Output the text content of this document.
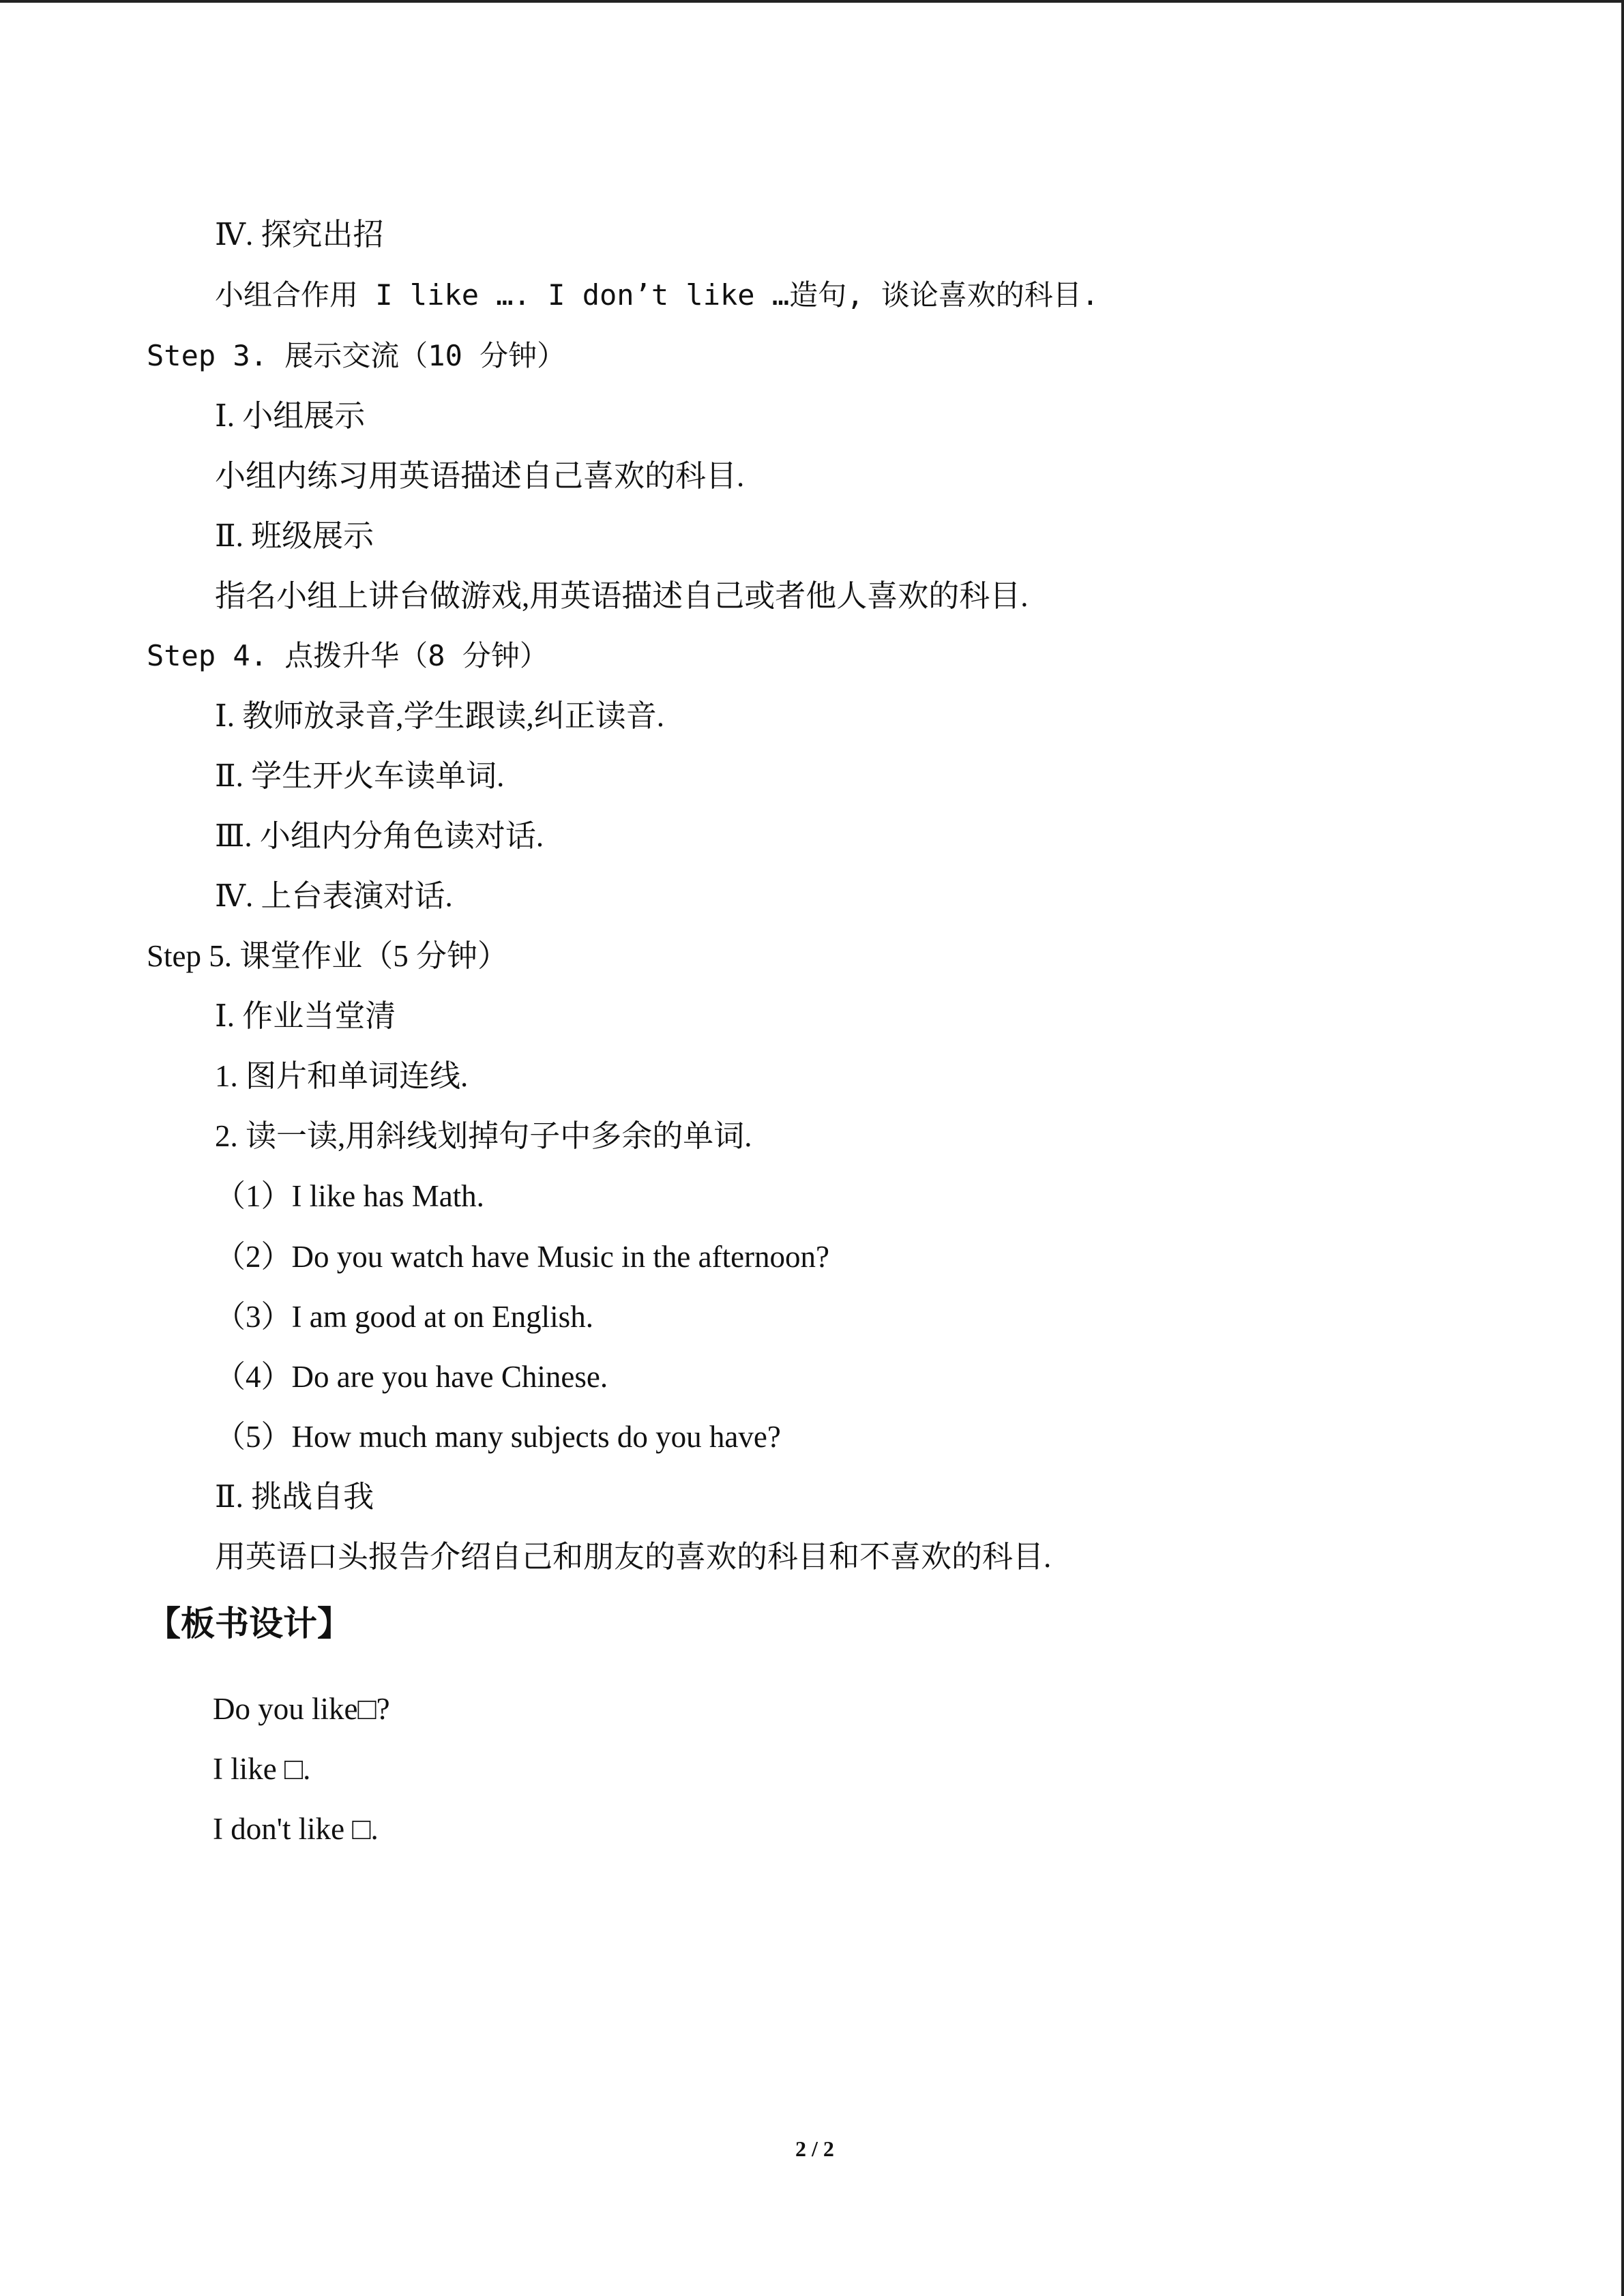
Ⅳ. 探究出招
小组合作用 I like …. I don’t like …造句, 谈论喜欢的科目.
Step 3. 展示交流（10 分钟）
Ⅰ. 小组展示
小组内练习用英语描述自己喜欢的科目.
Ⅱ. 班级展示
指名小组上讲台做游戏,用英语描述自己或者他人喜欢的科目.
Step 4. 点拨升华（8 分钟）
Ⅰ. 教师放录音,学生跟读,纠正读音.
Ⅱ. 学生开火车读单词.
Ⅲ. 小组内分角色读对话.
Ⅳ. 上台表演对话.
Step 5. 课堂作业（5 分钟）
Ⅰ. 作业当堂清
1. 图片和单词连线.
2. 读一读,用斜线划掉句子中多余的单词.
（1）I like has Math.
（2）Do you watch have Music in the afternoon?
（3）I am good at on English.
（4）Do are you have Chinese.
（5）How much many subjects do you have?
Ⅱ. 挑战自我
用英语口头报告介绍自己和朋友的喜欢的科目和不喜欢的科目.
【板书设计】
Do you like□?
I like □.
I don't like □.
2 / 2
